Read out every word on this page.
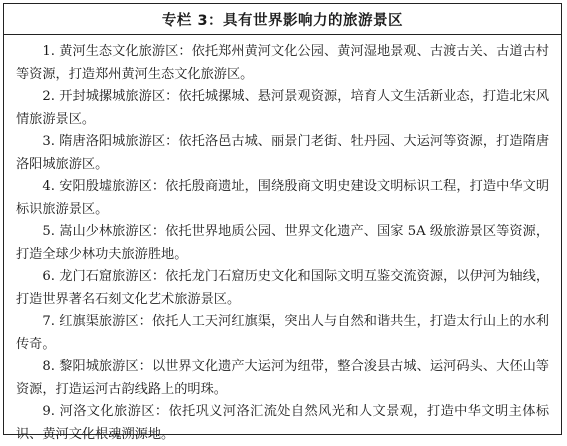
专栏 3：具有世界影响力的旅游景区

1. 黄河生态文化旅游区：依托郑州黄河文化公园、黄河湿地景观、古渡古关、古道古村等资源，打造郑州黄河生态文化旅游区。

2. 开封城摞城旅游区：依托城摞城、悬河景观资源，培育人文生活新业态，打造北宋风情旅游景区。

3. 隋唐洛阳城旅游区：依托洛邑古城、丽景门老街、牡丹园、大运河等资源，打造隋唐洛阳城旅游区。

4. 安阳殷墟旅游区：依托殷商遗址，围绕殷商文明史建设文明标识工程，打造中华文明标识旅游景区。

5. 嵩山少林旅游区：依托世界地质公园、世界文化遗产、国家 5A 级旅游景区等资源，打造全球少林功夫旅游胜地。

6. 龙门石窟旅游区：依托龙门石窟历史文化和国际文明互鉴交流资源，以伊河为轴线，打造世界著名石刻文化艺术旅游景区。

7. 红旗渠旅游区：依托人工天河红旗渠，突出人与自然和谐共生，打造太行山上的水利传奇。

8. 黎阳城旅游区：以世界文化遗产大运河为纽带，整合浚县古城、运河码头、大伾山等资源，打造运河古韵线路上的明珠。

9. 河洛文化旅游区：依托巩义河洛汇流处自然风光和人文景观，打造中华文明主体标识、黄河文化根魂溯源地。
